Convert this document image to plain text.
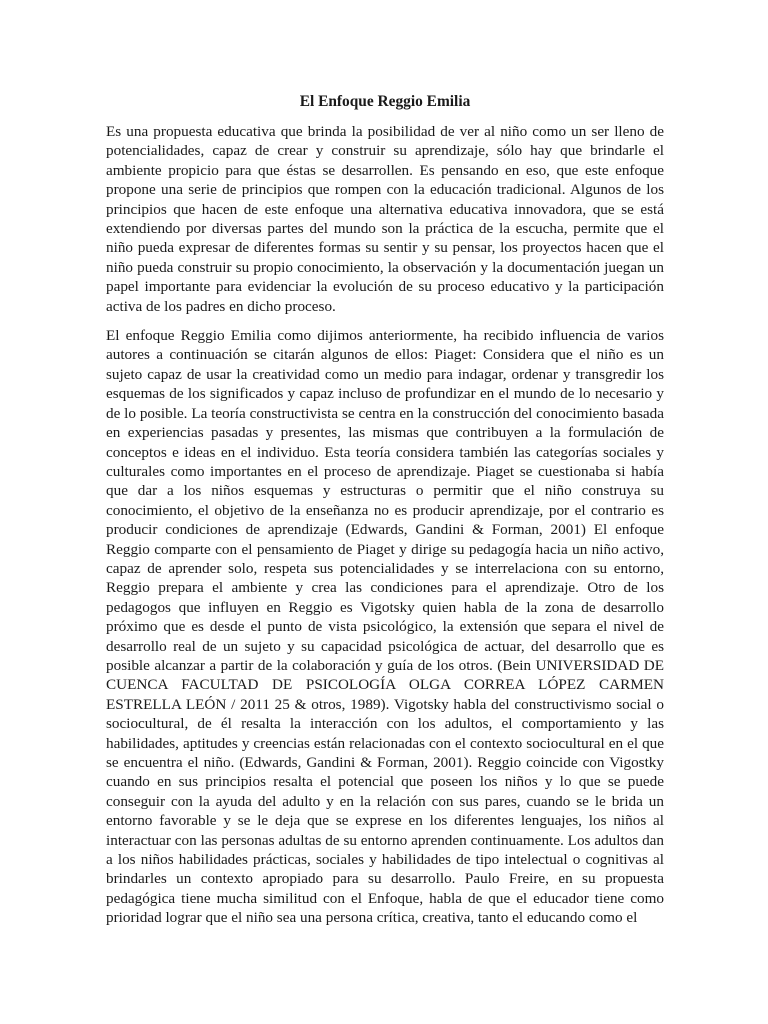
El Enfoque Reggio Emilia

Es una propuesta educativa que brinda la posibilidad de ver al niño como un ser lleno de potencialidades, capaz de crear y construir su aprendizaje, sólo hay que brindarle el ambiente propicio para que éstas se desarrollen. Es pensando en eso, que este enfoque propone una serie de principios que rompen con la educación tradicional. Algunos de los principios que hacen de este enfoque una alternativa educativa innovadora, que se está extendiendo por diversas partes del mundo son la práctica de la escucha, permite que el niño pueda expresar de diferentes formas su sentir y su pensar, los proyectos hacen que el niño pueda construir su propio conocimiento, la observación y la documentación juegan un papel importante para evidenciar la evolución de su proceso educativo y la participación activa de los padres en dicho proceso.

El enfoque Reggio Emilia como dijimos anteriormente, ha recibido influencia de varios autores a continuación se citarán algunos de ellos: Piaget: Considera que el niño es un sujeto capaz de usar la creatividad como un medio para indagar, ordenar y transgredir los esquemas de los significados y capaz incluso de profundizar en el mundo de lo necesario y de lo posible. La teoría constructivista se centra en la construcción del conocimiento basada en experiencias pasadas y presentes, las mismas que contribuyen a la formulación de conceptos e ideas en el individuo. Esta teoría considera también las categorías sociales y culturales como importantes en el proceso de aprendizaje. Piaget se cuestionaba si había que dar a los niños esquemas y estructuras o permitir que el niño construya su conocimiento, el objetivo de la enseñanza no es producir aprendizaje, por el contrario es producir condiciones de aprendizaje (Edwards, Gandini & Forman, 2001) El enfoque Reggio comparte con el pensamiento de Piaget y dirige su pedagogía hacia un niño activo, capaz de aprender solo, respeta sus potencialidades y se interrelaciona con su entorno, Reggio prepara el ambiente y crea las condiciones para el aprendizaje. Otro de los pedagogos que influyen en Reggio es Vigotsky quien habla de la zona de desarrollo próximo que es desde el punto de vista psicológico, la extensión que separa el nivel de desarrollo real de un sujeto y su capacidad psicológica de actuar, del desarrollo que es posible alcanzar a partir de la colaboración y guía de los otros. (Bein UNIVERSIDAD DE CUENCA FACULTAD DE PSICOLOGÍA OLGA CORREA LÓPEZ CARMEN ESTRELLA LEÓN / 2011 25 & otros, 1989). Vigotsky habla del constructivismo social o sociocultural, de él resalta la interacción con los adultos, el comportamiento y las habilidades, aptitudes y creencias están relacionadas con el contexto sociocultural en el que se encuentra el niño. (Edwards, Gandini & Forman, 2001). Reggio coincide con Vigostky cuando en sus principios resalta el potencial que poseen los niños y lo que se puede conseguir con la ayuda del adulto y en la relación con sus pares, cuando se le brida un entorno favorable y se le deja que se exprese en los diferentes lenguajes, los niños al interactuar con las personas adultas de su entorno aprenden continuamente. Los adultos dan a los niños habilidades prácticas, sociales y habilidades de tipo intelectual o cognitivas al brindarles un contexto apropiado para su desarrollo. Paulo Freire, en su propuesta pedagógica tiene mucha similitud con el Enfoque, habla de que el educador tiene como prioridad lograr que el niño sea una persona crítica, creativa, tanto el educando como el
